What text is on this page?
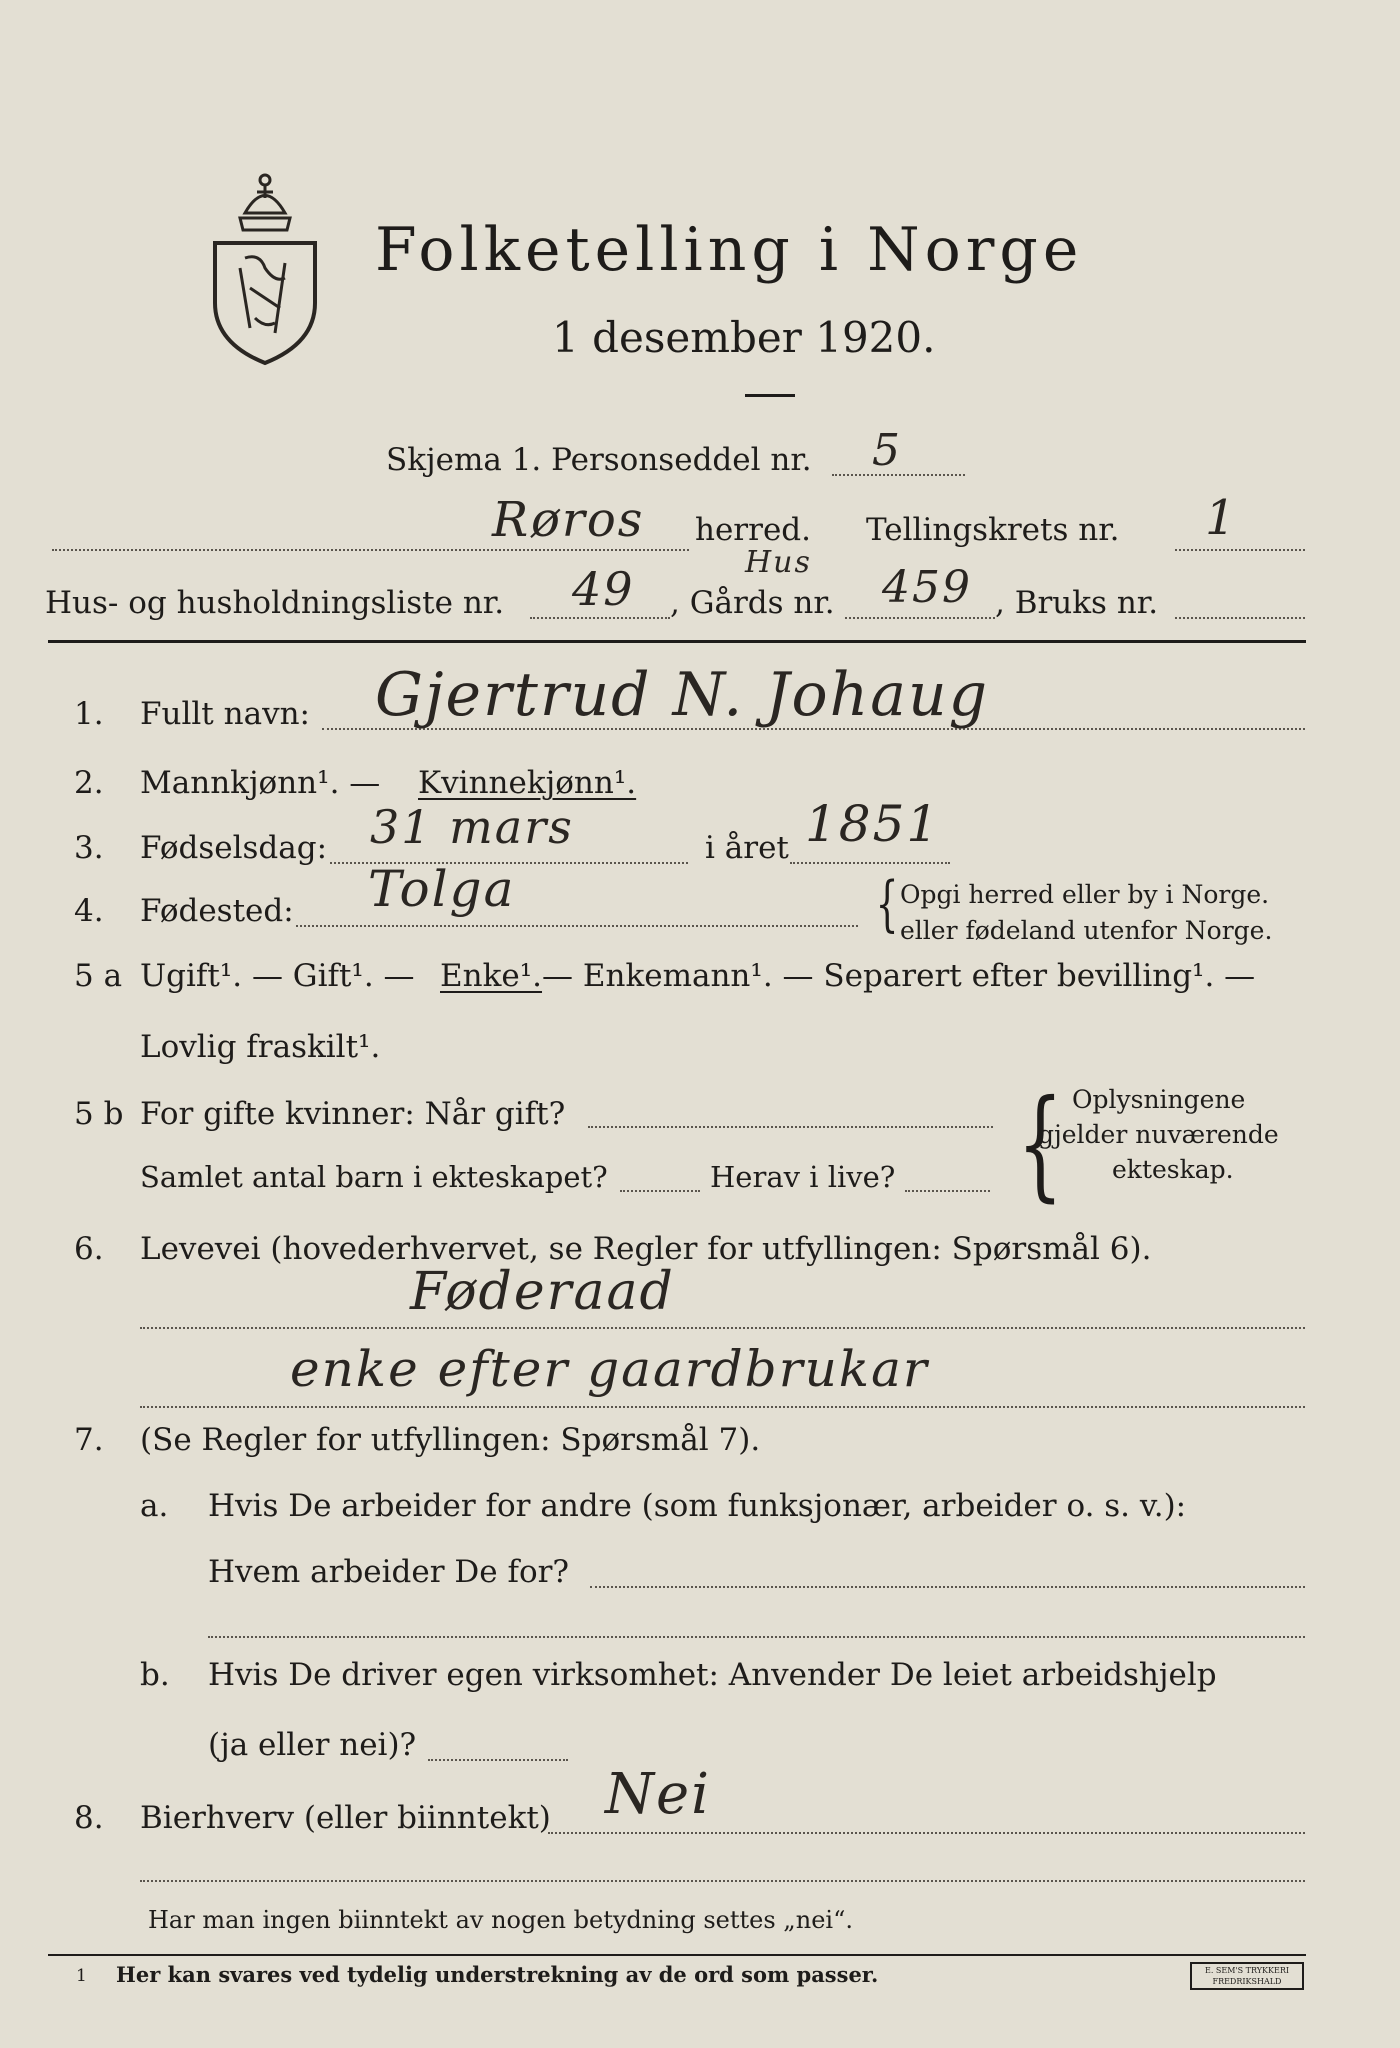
Folketelling i Norge
1 desember 1920.
Skjema 1. Personseddel nr. 5
Røros herred. Tellingskrets nr. 1
Hus- og husholdningsliste nr. 49 , Gårds nr.
Hus 459 , Bruks nr.
1. Fullt navn: Gjertrud N. Johaug
2. Mannkjønn¹. — Kvinnekjønn¹.
3. Fødselsdag: 31 mars	i året 1851
4. Fødested: Tolga	{ Opgi herred eller by i Norge.
eller fødeland utenfor Norge.
5 a Ugift¹. — Gift¹. — Enke¹. — Enkemann¹. — Separert efter bevilling¹. —
Lovlig fraskilt¹.
5 b For gifte kvinner: Når gift?
Samlet antal barn i ekteskapet?	Herav i live? { Oplysningene
gjelder nuværende
ekteskap.
6. Levevei (hovederhvervet, se Regler for utfyllingen: Spørsmål 6).
Føderaad
enke efter gaardbrukar
7. (Se Regler for utfyllingen: Spørsmål 7).
a. Hvis De arbeider for andre (som funksjonær, arbeider o. s. v.):
Hvem arbeider De for?
b. Hvis De driver egen virksomhet: Anvender De leiet arbeidshjelp
(ja eller nei)?
8. Bierhverv (eller biinntekt) Nei
Har man ingen biinntekt av nogen betydning settes „nei“.
1 Her kan svares ved tydelig understrekning av de ord som passer.	E. SEM'S TRYKKERI FREDRIKSHALD
